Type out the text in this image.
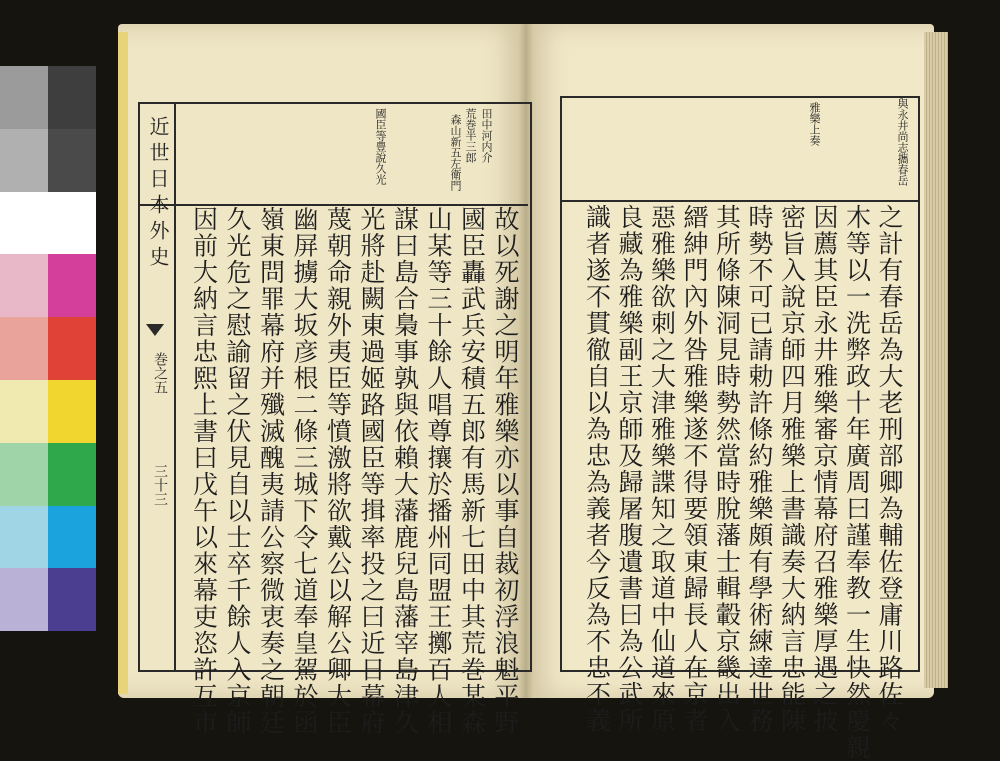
近世日本外史
巻之五
三十三
田中河内介
荒巻半三郎
森山新五左衛門
國臣等豊說久光
故以死謝之明年雅樂亦以事自裁初浮浪魁平野
國臣轟武兵安積五郎有馬新七田中其荒巻某森
山某等三十餘人唱尊攘於播州同盟王擲百人相
謀曰島合梟事孰與依賴大藩鹿兒島藩宰島津久
光將赴闕東過姬路國臣等揖率投之曰近日幕府
蔑朝命親外夷臣等憤激將欲戴公以解公卿大臣
幽屏擄大坂彦根二條三城下令七道奉皇駕於函
嶺東問罪幕府并殲滅醜夷請公察微衷奏之朝廷
久光危之慰諭留之伏見自以士卒千餘人入京師
因前大納言忠熙上書曰戊午以來幕吏恣許互市
雅樂上奏	與永井尚志攜春岳
之計有春岳為大老刑部卿為輔佐登庸川路佐々
木等以一洗弊政十年廣周曰謹奉教一生快然慶親
因薦其臣永井雅樂審京情幕府召雅樂厚遇之披
密旨入說京師四月雅樂上書識奏大納言忠能陳
時勢不可已請勅許條約雅樂頗有學術練達世務
其所條陳洞見時勢然當時脫藩士輯轂京畿出入
縉紳門內外咎雅樂遂不得要領東歸長人在京者
惡雅樂欲刺之大津雅樂諜知之取道中仙道來原
良藏為雅樂副王京師及歸屠腹遺書曰為公武所
識者遂不貫徹自以為忠為義者今反為不忠不義
